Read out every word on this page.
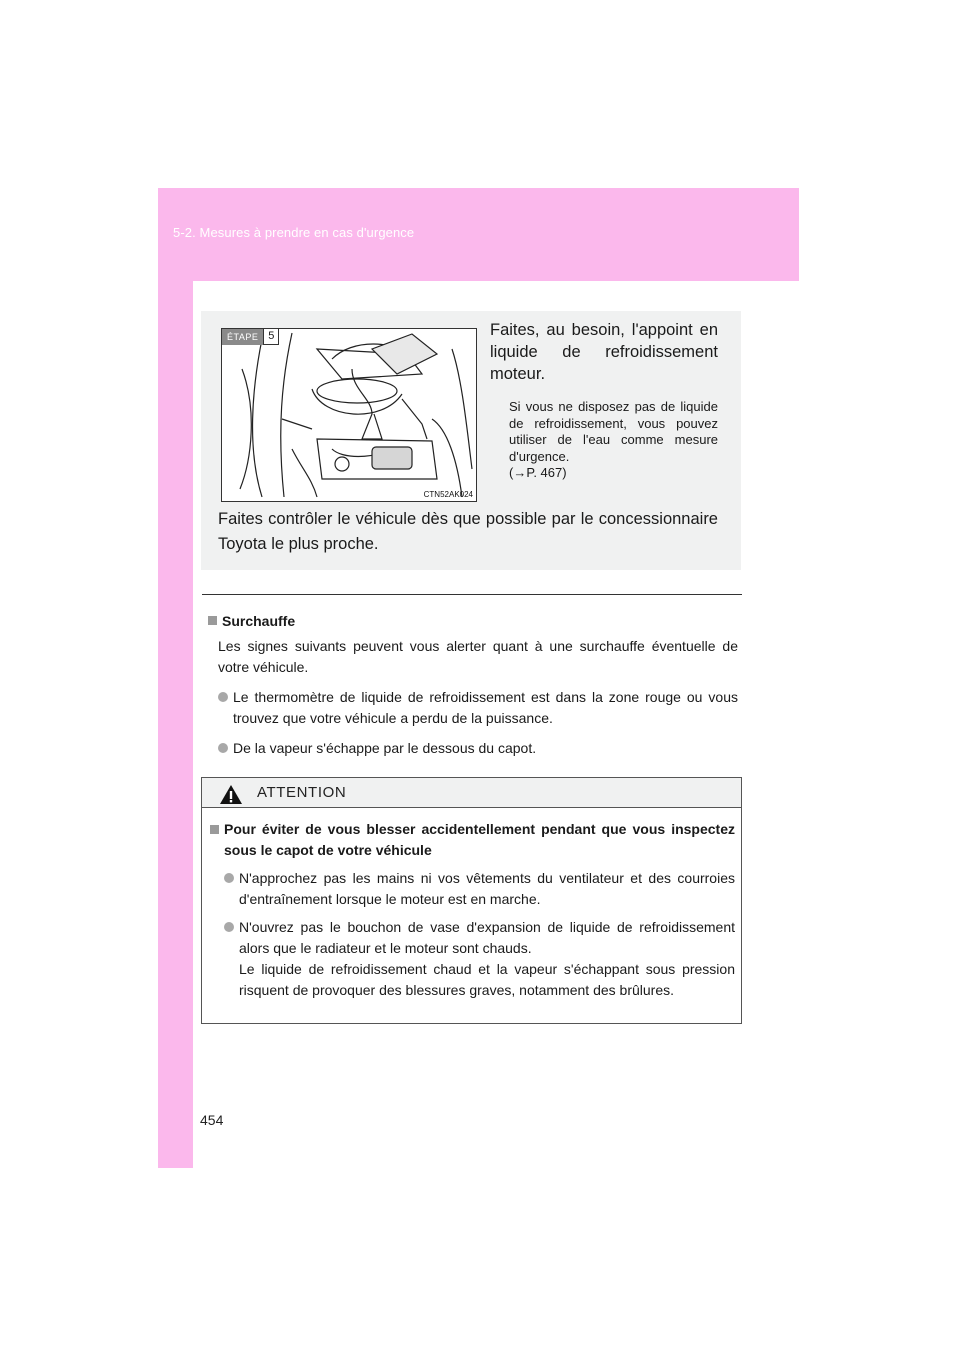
5-2. Mesures à prendre en cas d'urgence
ÉTAPE 5
CTN52AK024
Faites, au besoin, l'appoint en liquide de refroidissement moteur.
Si vous ne disposez pas de liquide de refroidissement, vous pouvez utiliser de l'eau comme mesure d'urgence.
(→P. 467)
Faites contrôler le véhicule dès que possible par le concessionnaire Toyota le plus proche.
Surchauffe
Les signes suivants peuvent vous alerter quant à une surchauffe éventuelle de votre véhicule.
Le thermomètre de liquide de refroidissement est dans la zone rouge ou vous trouvez que votre véhicule a perdu de la puissance.
De la vapeur s'échappe par le dessous du capot.
ATTENTION
Pour éviter de vous blesser accidentellement pendant que vous inspectez sous le capot de votre véhicule
N'approchez pas les mains ni vos vêtements du ventilateur et des courroies d'entraînement lorsque le moteur est en marche.
N'ouvrez pas le bouchon de vase d'expansion de liquide de refroidissement alors que le radiateur et le moteur sont chauds.
Le liquide de refroidissement chaud et la vapeur s'échappant sous pression risquent de provoquer des blessures graves, notamment des brûlures.
454
